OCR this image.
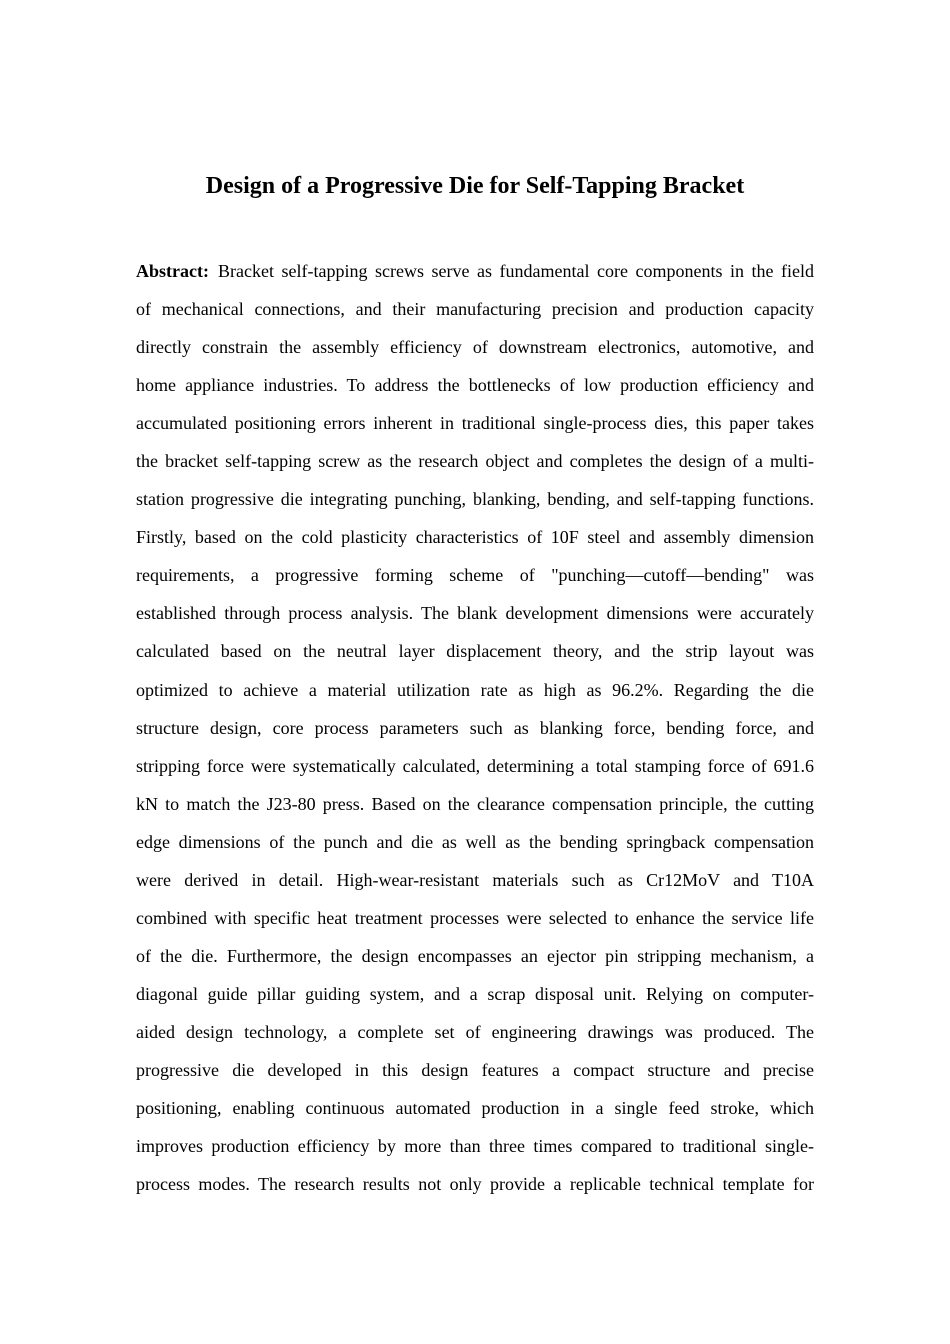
Design of a Progressive Die for Self-Tapping Bracket
Abstract: Bracket self-tapping screws serve as fundamental core components in the field
of mechanical connections, and their manufacturing precision and production capacity
directly constrain the assembly efficiency of downstream electronics, automotive, and
home appliance industries. To address the bottlenecks of low production efficiency and
accumulated positioning errors inherent in traditional single-process dies, this paper takes
the bracket self-tapping screw as the research object and completes the design of a multi-
station progressive die integrating punching, blanking, bending, and self-tapping functions.
Firstly, based on the cold plasticity characteristics of 10F steel and assembly dimension
requirements, a progressive forming scheme of "punching—cutoff—bending" was
established through process analysis. The blank development dimensions were accurately
calculated based on the neutral layer displacement theory, and the strip layout was
optimized to achieve a material utilization rate as high as 96.2%. Regarding the die
structure design, core process parameters such as blanking force, bending force, and
stripping force were systematically calculated, determining a total stamping force of 691.6
kN to match the J23-80 press. Based on the clearance compensation principle, the cutting
edge dimensions of the punch and die as well as the bending springback compensation
were derived in detail. High-wear-resistant materials such as Cr12MoV and T10A
combined with specific heat treatment processes were selected to enhance the service life
of the die. Furthermore, the design encompasses an ejector pin stripping mechanism, a
diagonal guide pillar guiding system, and a scrap disposal unit. Relying on computer-
aided design technology, a complete set of engineering drawings was produced. The
progressive die developed in this design features a compact structure and precise
positioning, enabling continuous automated production in a single feed stroke, which
improves production efficiency by more than three times compared to traditional single-
process modes. The research results not only provide a replicable technical template for
